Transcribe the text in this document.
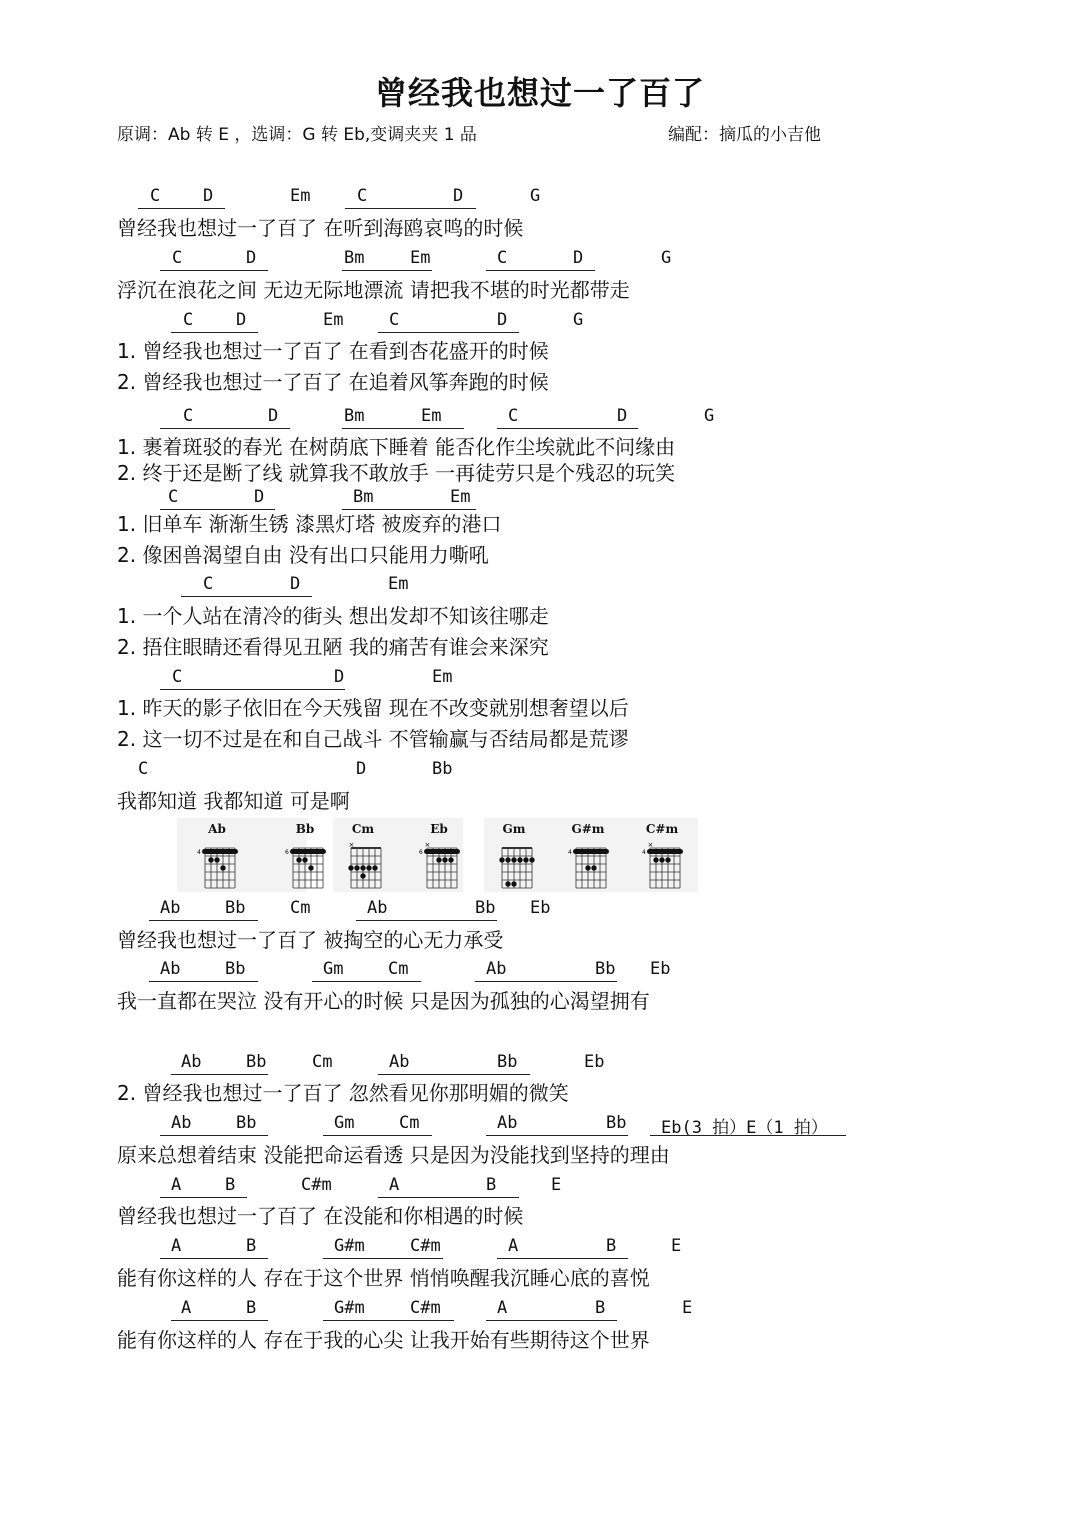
曾经我也想过一了百了
原调：Ab 转 E ，选调：G 转 Eb,变调夹夹 1 品	编配：摘瓜的小吉他
C	D	Em	C	D	G
曾经我也想过一了百了 在听到海鸥哀鸣的时候
C	D	Bm	Em	C	D	G
浮沉在浪花之间 无边无际地漂流 请把我不堪的时光都带走
C	D	Em	C	D	G
1. 曾经我也想过一了百了 在看到杏花盛开的时候
2. 曾经我也想过一了百了 在追着风筝奔跑的时候
C	D	Bm	Em	C	D	G
1. 裹着斑驳的春光 在树荫底下睡着 能否化作尘埃就此不问缘由
2. 终于还是断了线 就算我不敢放手 一再徒劳只是个残忍的玩笑
C	D	Bm	Em
1. 旧单车 渐渐生锈 漆黑灯塔 被废弃的港口
2. 像困兽渴望自由 没有出口只能用力嘶吼
C	D	Em
1. 一个人站在清冷的街头 想出发却不知该往哪走
2. 捂住眼睛还看得见丑陋 我的痛苦有谁会来深究
C	D	Em
1. 昨天的影子依旧在今天残留 现在不改变就别想奢望以后
2. 这一切不过是在和自己战斗 不管输赢与否结局都是荒谬
C	D	Bb
我都知道 我都知道 可是啊
Ab	Bb	Cm	Ab	Bb Eb
曾经我也想过一了百了 被掏空的心无力承受
Ab	Bb	Gm	Cm	Ab	Bb Eb
我一直都在哭泣 没有开心的时候 只是因为孤独的心渴望拥有
Ab	Bb	Cm	Ab	Bb	Eb
2. 曾经我也想过一了百了 忽然看见你那明媚的微笑
Ab	Bb	Gm	Cm	Ab	Bb Eb(3 拍）E（1 拍）
原来总想着结束 没能把命运看透 只是因为没能找到坚持的理由
A	B	C#m	A	B	E
曾经我也想过一了百了 在没能和你相遇的时候
A	B	G#m	C#m	A	B	E
能有你这样的人 存在于这个世界 悄悄唤醒我沉睡心底的喜悦
A	B	G#m	C#m	A	B	E
能有你这样的人 存在于我的心尖 让我开始有些期待这个世界
Ab
4
Bb
6
Cm
×
Eb
6
×
Gm	G#m
4
C#m
4
×
